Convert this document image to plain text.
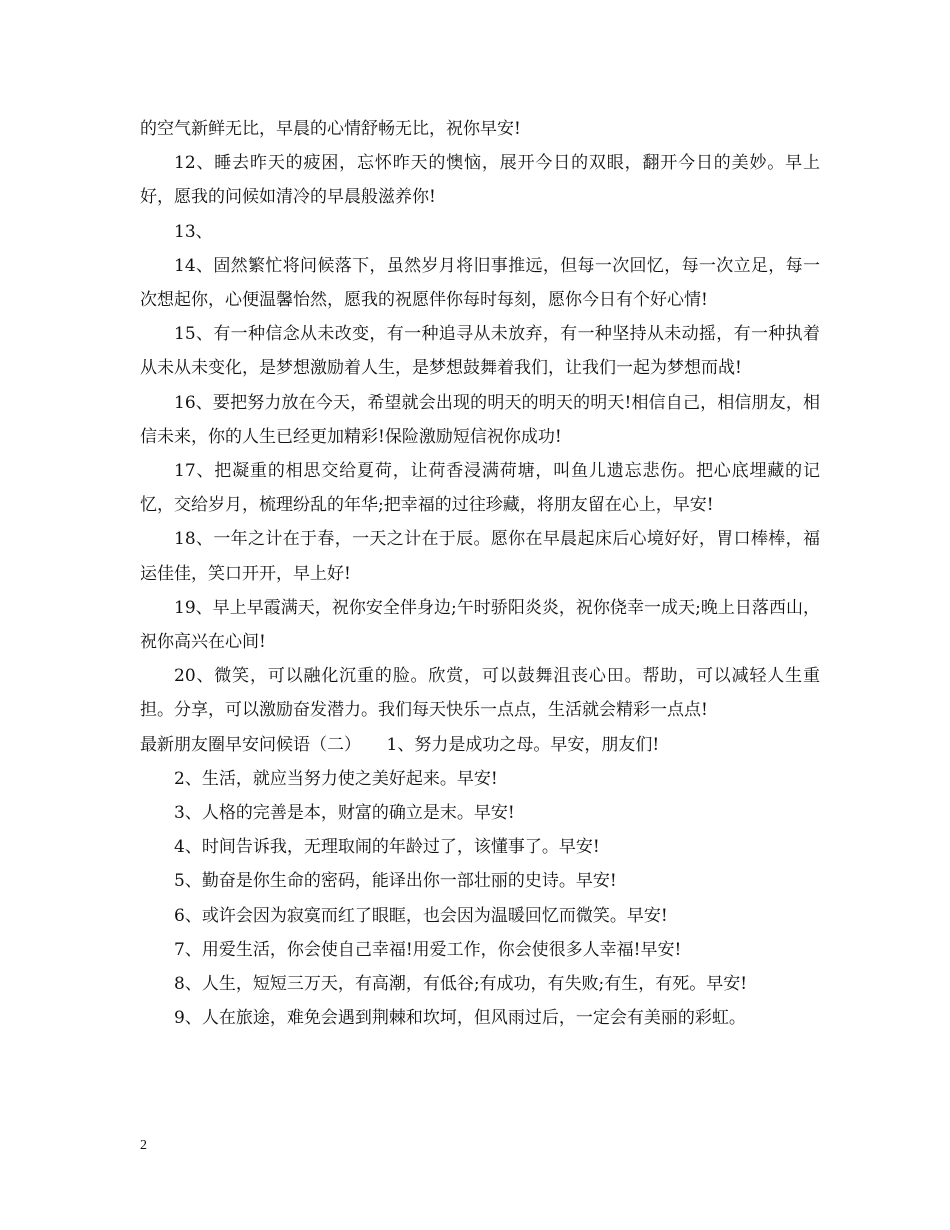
的空气新鲜无比，早晨的心情舒畅无比，祝你早安!

12、睡去昨天的疲困，忘怀昨天的懊恼，展开今日的双眼，翻开今日的美妙。早上好，愿我的问候如清冷的早晨般滋养你!

13、

14、固然繁忙将问候落下，虽然岁月将旧事推远，但每一次回忆，每一次立足，每一次想起你，心便温馨怡然，愿我的祝愿伴你每时每刻，愿你今日有个好心情!

15、有一种信念从未改变，有一种追寻从未放弃，有一种坚持从未动摇，有一种执着从未从未变化，是梦想激励着人生，是梦想鼓舞着我们，让我们一起为梦想而战!

16、要把努力放在今天，希望就会出现的明天的明天的明天!相信自己，相信朋友，相信未来，你的人生已经更加精彩!保险激励短信祝你成功!

17、把凝重的相思交给夏荷，让荷香浸满荷塘，叫鱼儿遗忘悲伤。把心底埋藏的记忆，交给岁月，梳理纷乱的年华;把幸福的过往珍藏，将朋友留在心上，早安!

18、一年之计在于春，一天之计在于辰。愿你在早晨起床后心境好好，胃口棒棒，福运佳佳，笑口开开，早上好!

19、早上早霞满天，祝你安全伴身边;午时骄阳炎炎，祝你侥幸一成天;晚上日落西山，祝你高兴在心间!

20、微笑，可以融化沉重的脸。欣赏，可以鼓舞沮丧心田。帮助，可以减轻人生重担。分享，可以激励奋发潜力。我们每天快乐一点点，生活就会精彩一点点!

最新朋友圈早安问候语（二）　　1、努力是成功之母。早安，朋友们!

2、生活，就应当努力使之美好起来。早安!

3、人格的完善是本，财富的确立是末。早安!

4、时间告诉我，无理取闹的年龄过了，该懂事了。早安!

5、勤奋是你生命的密码，能译出你一部壮丽的史诗。早安!

6、或许会因为寂寞而红了眼眶，也会因为温暖回忆而微笑。早安!

7、用爱生活，你会使自己幸福!用爱工作，你会使很多人幸福!早安!

8、人生，短短三万天，有高潮，有低谷;有成功，有失败;有生，有死。早安!

9、人在旅途，难免会遇到荆棘和坎坷，但风雨过后，一定会有美丽的彩虹。

2
